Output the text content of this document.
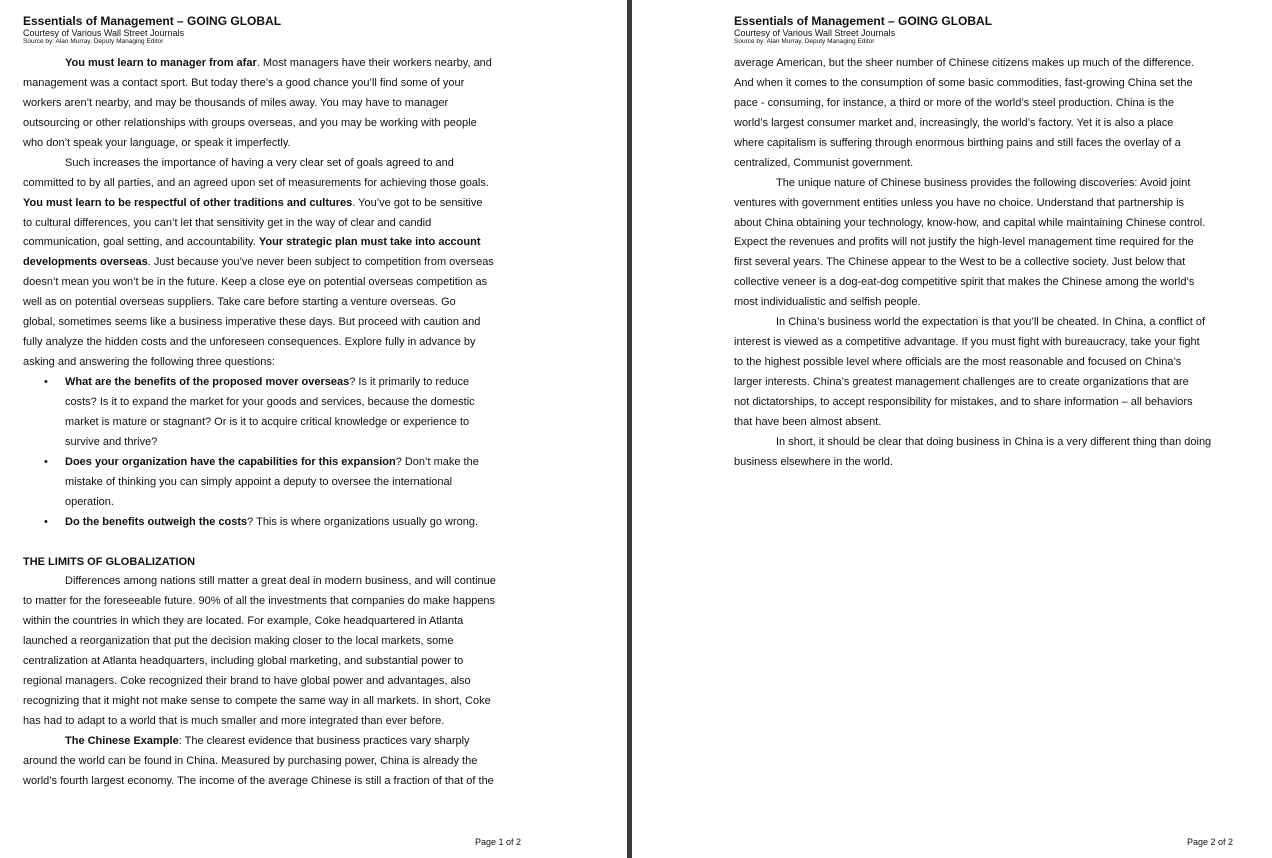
Essentials of Management – GOING GLOBAL
Courtesy of Various Wall Street Journals
Source by: Alan Murray, Deputy Managing Editor
You must learn to manager from afar. Most managers have their workers nearby, and
management was a contact sport. But today there’s a good chance you’ll find some of your
workers aren’t nearby, and may be thousands of miles away. You may have to manager
outsourcing or other relationships with groups overseas, and you may be working with people
who don’t speak your language, or speak it imperfectly.
Such increases the importance of having a very clear set of goals agreed to and
committed to by all parties, and an agreed upon set of measurements for achieving those goals.
You must learn to be respectful of other traditions and cultures. You’ve got to be sensitive
to cultural differences, you can’t let that sensitivity get in the way of clear and candid
communication, goal setting, and accountability. Your strategic plan must take into account
developments overseas. Just because you’ve never been subject to competition from overseas
doesn’t mean you won’t be in the future. Keep a close eye on potential overseas competition as
well as on potential overseas suppliers. Take care before starting a venture overseas. Go
global, sometimes seems like a business imperative these days. But proceed with caution and
fully analyze the hidden costs and the unforeseen consequences. Explore fully in advance by
asking and answering the following three questions:
• What are the benefits of the proposed mover overseas? Is it primarily to reduce
costs? Is it to expand the market for your goods and services, because the domestic
market is mature or stagnant? Or is it to acquire critical knowledge or experience to
survive and thrive?
• Does your organization have the capabilities for this expansion? Don’t make the
mistake of thinking you can simply appoint a deputy to oversee the international
operation.
• Do the benefits outweigh the costs? This is where organizations usually go wrong.
THE LIMITS OF GLOBALIZATION
Differences among nations still matter a great deal in modern business, and will continue
to matter for the foreseeable future. 90% of all the investments that companies do make happens
within the countries in which they are located. For example, Coke headquartered in Atlanta
launched a reorganization that put the decision making closer to the local markets, some
centralization at Atlanta headquarters, including global marketing, and substantial power to
regional managers. Coke recognized their brand to have global power and advantages, also
recognizing that it might not make sense to compete the same way in all markets. In short, Coke
has had to adapt to a world that is much smaller and more integrated than ever before.
The Chinese Example: The clearest evidence that business practices vary sharply
around the world can be found in China. Measured by purchasing power, China is already the
world’s fourth largest economy. The income of the average Chinese is still a fraction of that of the
Page 1 of 2
Essentials of Management – GOING GLOBAL
Courtesy of Various Wall Street Journals
Source by: Alan Murray, Deputy Managing Editor
average American, but the sheer number of Chinese citizens makes up much of the difference.
And when it comes to the consumption of some basic commodities, fast-growing China set the
pace - consuming, for instance, a third or more of the world’s steel production. China is the
world’s largest consumer market and, increasingly, the world’s factory. Yet it is also a place
where capitalism is suffering through enormous birthing pains and still faces the overlay of a
centralized, Communist government.
The unique nature of Chinese business provides the following discoveries: Avoid joint
ventures with government entities unless you have no choice. Understand that partnership is
about China obtaining your technology, know-how, and capital while maintaining Chinese control.
Expect the revenues and profits will not justify the high-level management time required for the
first several years. The Chinese appear to the West to be a collective society. Just below that
collective veneer is a dog-eat-dog competitive spirit that makes the Chinese among the world’s
most individualistic and selfish people.
In China’s business world the expectation is that you’ll be cheated. In China, a conflict of
interest is viewed as a competitive advantage. If you must fight with bureaucracy, take your fight
to the highest possible level where officials are the most reasonable and focused on China’s
larger interests. China’s greatest management challenges are to create organizations that are
not dictatorships, to accept responsibility for mistakes, and to share information – all behaviors
that have been almost absent.
In short, it should be clear that doing business in China is a very different thing than doing
business elsewhere in the world.
Page 2 of 2
